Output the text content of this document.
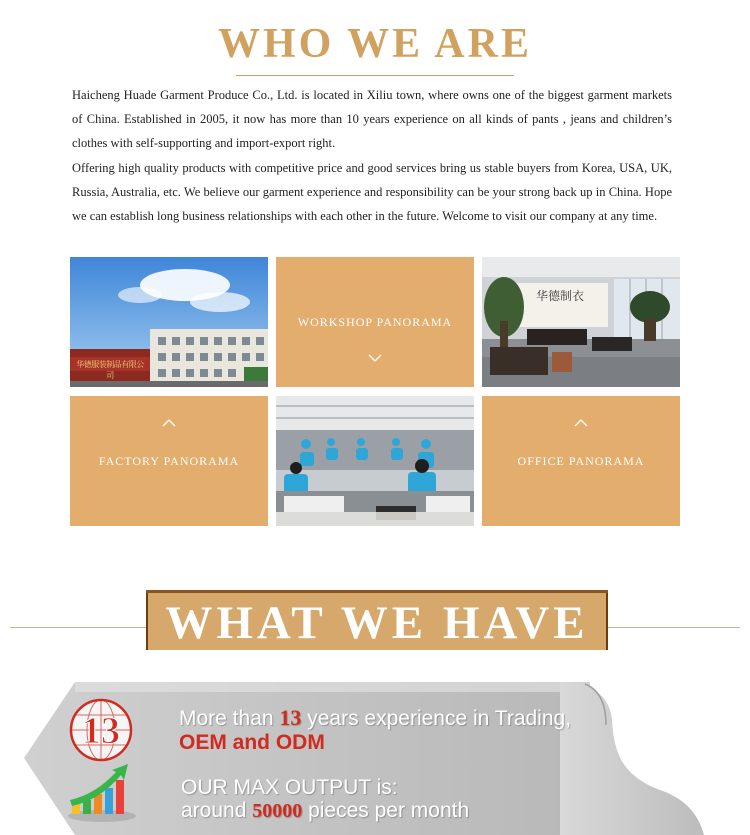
WHO WE ARE

Haicheng Huade Garment Produce Co., Ltd. is located in Xiliu town, where owns one of the biggest garment markets of China. Established in 2005, it now has more than 10 years experience on all kinds of pants , jeans and children’s clothes with self-supporting and import-export right.

Offering high quality products with competitive price and good services bring us stable buyers from Korea, USA, UK, Russia, Australia, etc. We believe our garment experience and responsibility can be your strong back up in China. Hope we can establish long business relationships with each other in the future. Welcome to visit our company at any time.

华德服装制品有限公司
WORKSHOP PANORAMA
华德制衣
FACTORY PANORAMA	OFFICE PANORAMA
WHAT WE HAVE
13	More than 13 years experience in Trading,
OEM and ODM
OUR MAX OUTPUT is:
around 50000 pieces per month
